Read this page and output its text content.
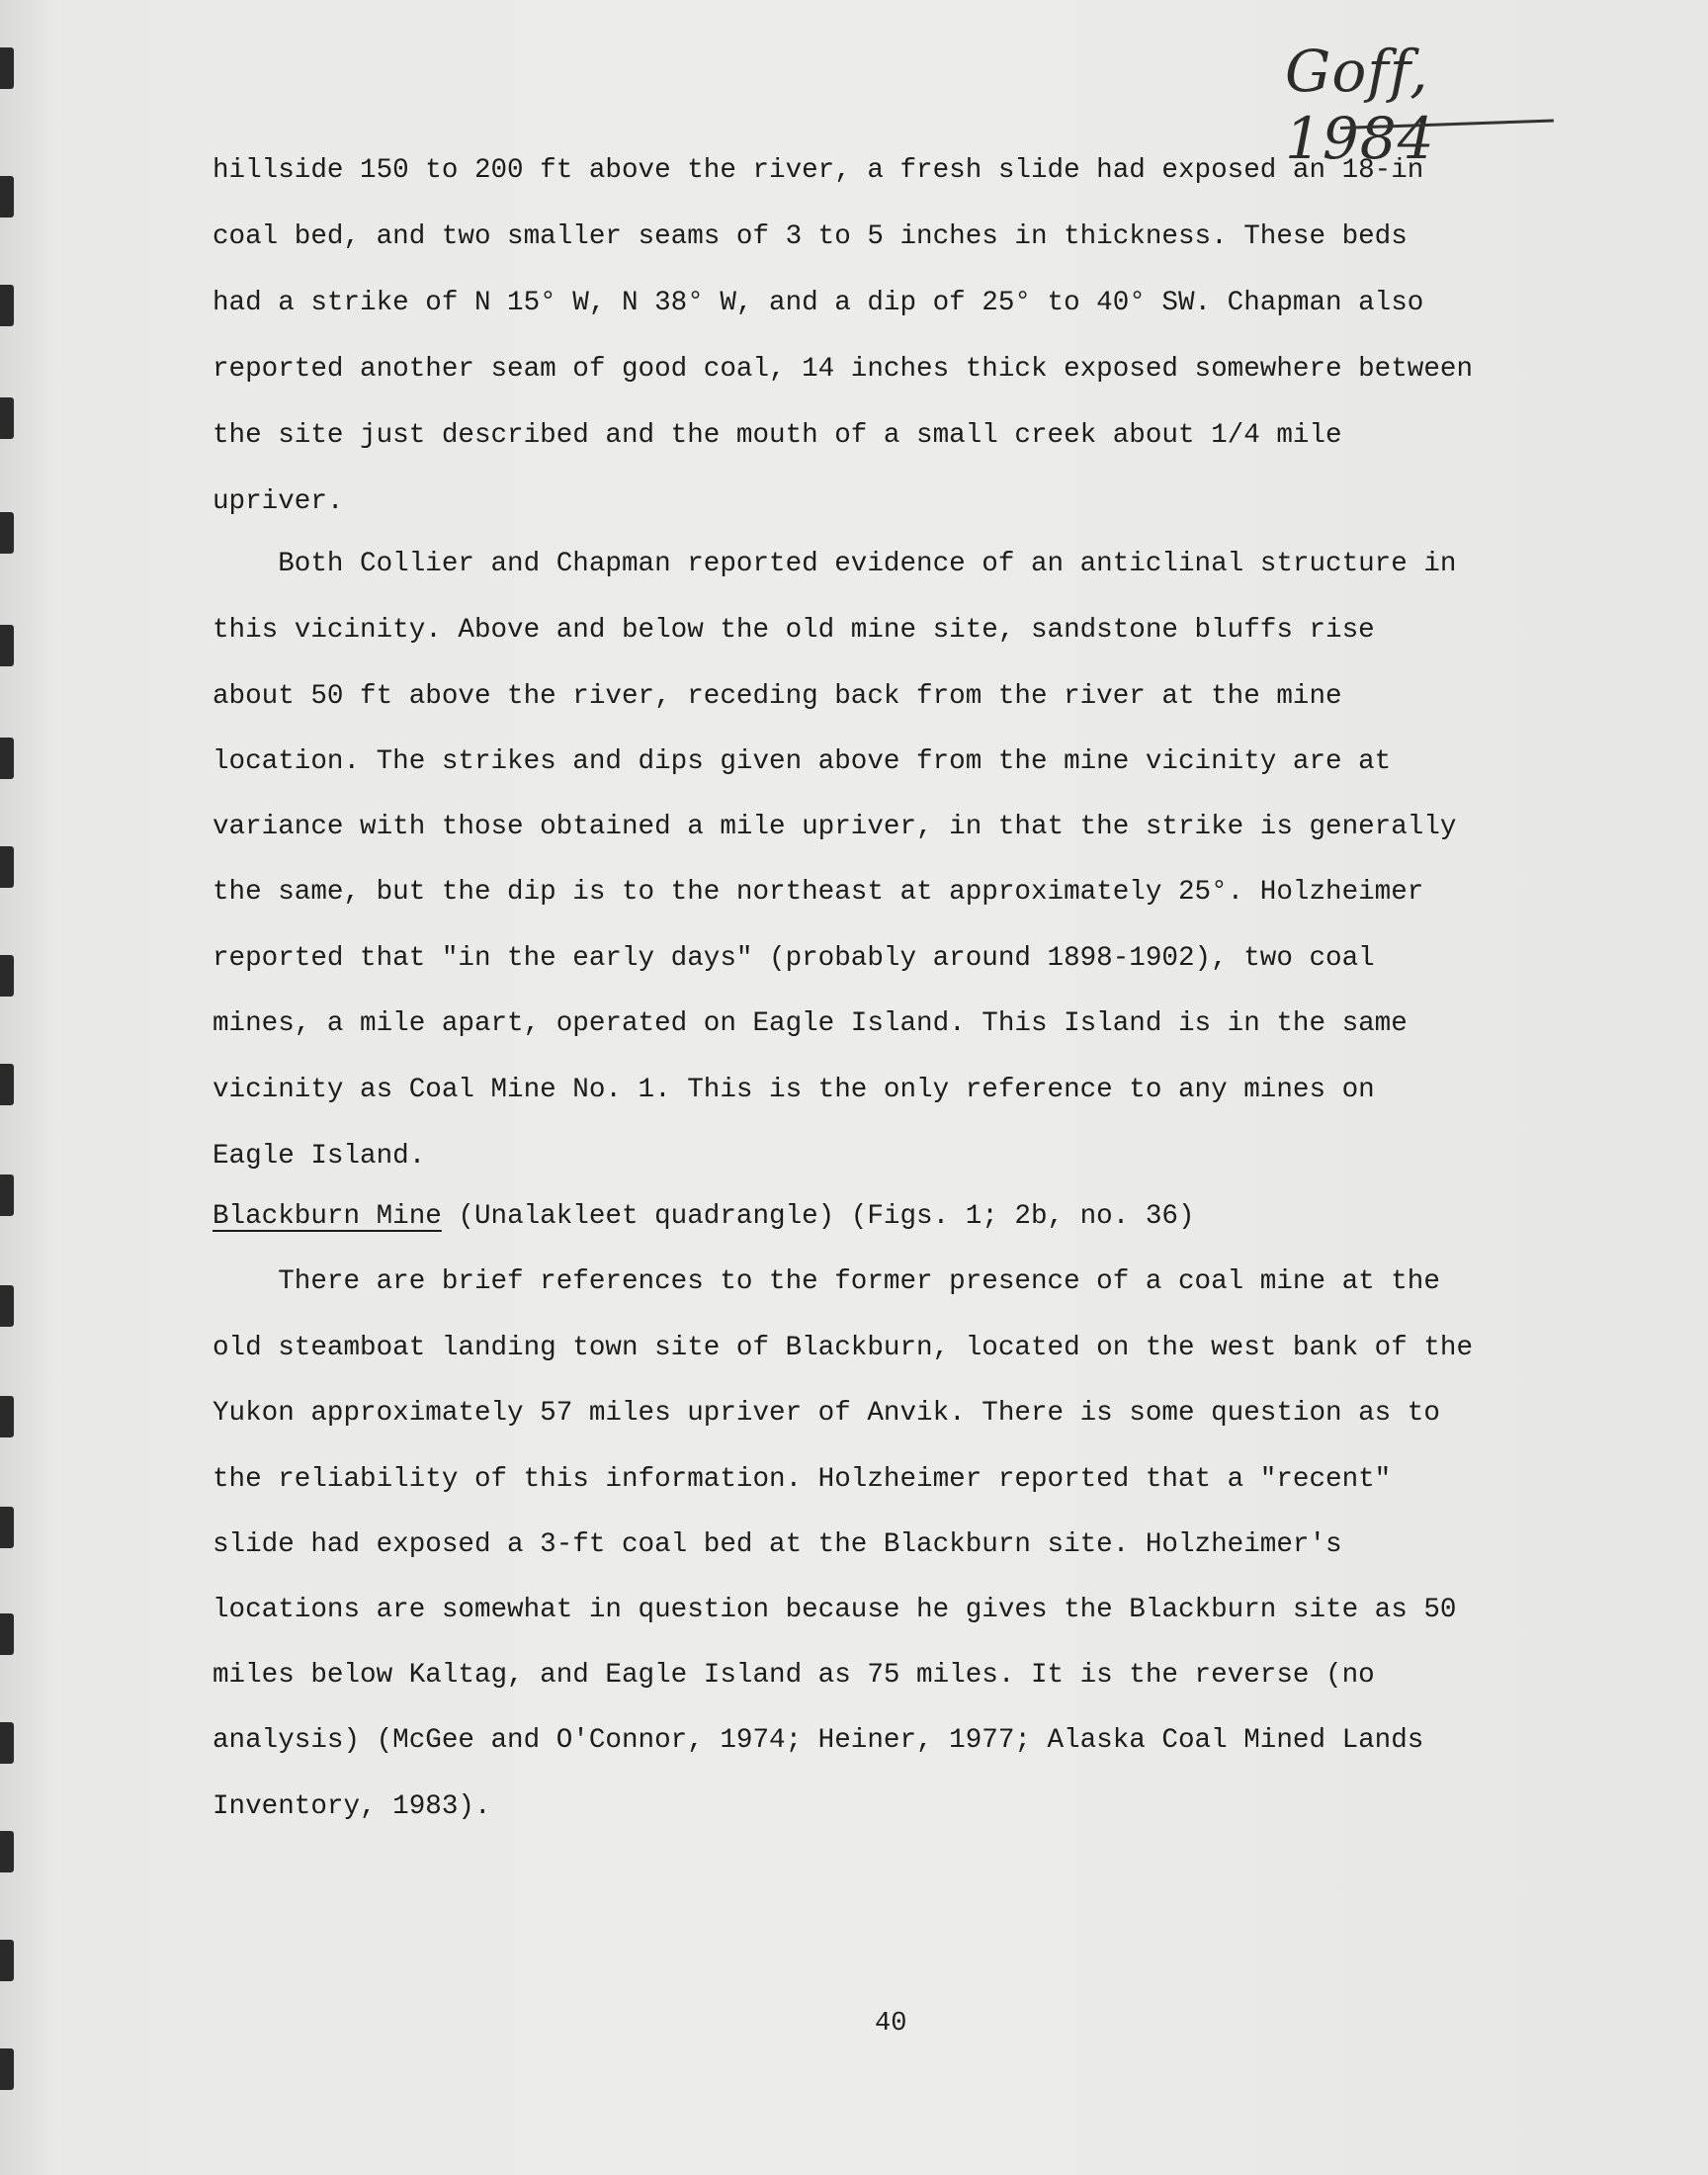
Goff, 1984
hillside 150 to 200 ft above the river, a fresh slide had exposed an 18-in
coal bed, and two smaller seams of 3 to 5 inches in thickness. These beds
had a strike of N 15° W, N 38° W, and a dip of 25° to 40° SW. Chapman also
reported another seam of good coal, 14 inches thick exposed somewhere between
the site just described and the mouth of a small creek about 1/4 mile
upriver.
Both Collier and Chapman reported evidence of an anticlinal structure in
this vicinity. Above and below the old mine site, sandstone bluffs rise
about 50 ft above the river, receding back from the river at the mine
location. The strikes and dips given above from the mine vicinity are at
variance with those obtained a mile upriver, in that the strike is generally
the same, but the dip is to the northeast at approximately 25°. Holzheimer
reported that "in the early days" (probably around 1898-1902), two coal
mines, a mile apart, operated on Eagle Island. This Island is in the same
vicinity as Coal Mine No. 1. This is the only reference to any mines on
Eagle Island.
Blackburn Mine (Unalakleet quadrangle) (Figs. 1; 2b, no. 36)
There are brief references to the former presence of a coal mine at the
old steamboat landing town site of Blackburn, located on the west bank of the
Yukon approximately 57 miles upriver of Anvik. There is some question as to
the reliability of this information. Holzheimer reported that a "recent"
slide had exposed a 3-ft coal bed at the Blackburn site. Holzheimer's
locations are somewhat in question because he gives the Blackburn site as 50
miles below Kaltag, and Eagle Island as 75 miles. It is the reverse (no
analysis) (McGee and O'Connor, 1974; Heiner, 1977; Alaska Coal Mined Lands
Inventory, 1983).
40
